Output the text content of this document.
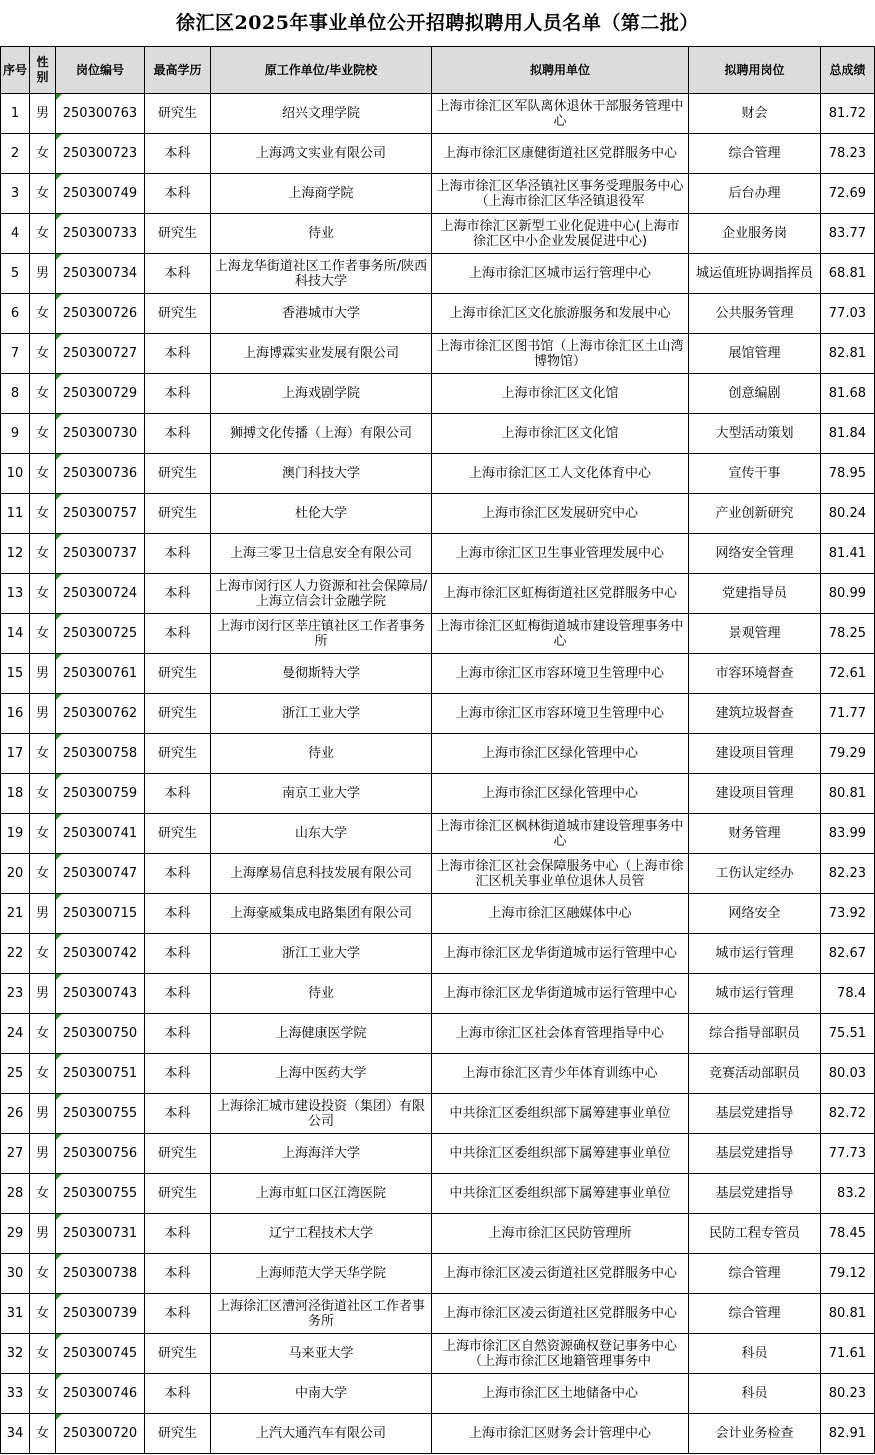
徐汇区2025年事业单位公开招聘拟聘用人员名单（第二批）
序号	性别	岗位编号	最高学历	原工作单位/毕业院校	拟聘用单位	拟聘用岗位	总成绩
1	男	250300763	研究生	绍兴文理学院	上海市徐汇区军队离休退休干部服务管理中心	财会	81.72
2	女	250300723	本科	上海鸿文实业有限公司	上海市徐汇区康健街道社区党群服务中心	综合管理	78.23
3	女	250300749	本科	上海商学院	上海市徐汇区华泾镇社区事务受理服务中心（上海市徐汇区华泾镇退役军	后台办理	72.69
4	女	250300733	研究生	待业	上海市徐汇区新型工业化促进中心(上海市徐汇区中小企业发展促进中心)	企业服务岗	83.77
5	男	250300734	本科	上海龙华街道社区工作者事务所/陕西科技大学	上海市徐汇区城市运行管理中心	城运值班协调指挥员	68.81
6	女	250300726	研究生	香港城市大学	上海市徐汇区文化旅游服务和发展中心	公共服务管理	77.03
7	女	250300727	本科	上海博霖实业发展有限公司	上海市徐汇区图书馆（上海市徐汇区土山湾博物馆）	展馆管理	82.81
8	女	250300729	本科	上海戏剧学院	上海市徐汇区文化馆	创意编剧	81.68
9	女	250300730	本科	狮搏文化传播（上海）有限公司	上海市徐汇区文化馆	大型活动策划	81.84
10	女	250300736	研究生	澳门科技大学	上海市徐汇区工人文化体育中心	宣传干事	78.95
11	女	250300757	研究生	杜伦大学	上海市徐汇区发展研究中心	产业创新研究	80.24
12	女	250300737	本科	上海三零卫士信息安全有限公司	上海市徐汇区卫生事业管理发展中心	网络安全管理	81.41
13	女	250300724	本科	上海市闵行区人力资源和社会保障局/上海立信会计金融学院	上海市徐汇区虹梅街道社区党群服务中心	党建指导员	80.99
14	女	250300725	本科	上海市闵行区莘庄镇社区工作者事务所	上海市徐汇区虹梅街道城市建设管理事务中心	景观管理	78.25
15	男	250300761	研究生	曼彻斯特大学	上海市徐汇区市容环境卫生管理中心	市容环境督查	72.61
16	男	250300762	研究生	浙江工业大学	上海市徐汇区市容环境卫生管理中心	建筑垃圾督查	71.77
17	女	250300758	研究生	待业	上海市徐汇区绿化管理中心	建设项目管理	79.29
18	女	250300759	本科	南京工业大学	上海市徐汇区绿化管理中心	建设项目管理	80.81
19	女	250300741	研究生	山东大学	上海市徐汇区枫林街道城市建设管理事务中心	财务管理	83.99
20	女	250300747	本科	上海摩易信息科技发展有限公司	上海市徐汇区社会保障服务中心（上海市徐汇区机关事业单位退休人员管	工伤认定经办	82.23
21	男	250300715	本科	上海豪威集成电路集团有限公司	上海市徐汇区融媒体中心	网络安全	73.92
22	女	250300742	本科	浙江工业大学	上海市徐汇区龙华街道城市运行管理中心	城市运行管理	82.67
23	男	250300743	本科	待业	上海市徐汇区龙华街道城市运行管理中心	城市运行管理	78.4
24	女	250300750	本科	上海健康医学院	上海市徐汇区社会体育管理指导中心	综合指导部职员	75.51
25	女	250300751	本科	上海中医药大学	上海市徐汇区青少年体育训练中心	竞赛活动部职员	80.03
26	男	250300755	本科	上海徐汇城市建设投资（集团）有限公司	中共徐汇区委组织部下属筹建事业单位	基层党建指导	82.72
27	男	250300756	研究生	上海海洋大学	中共徐汇区委组织部下属筹建事业单位	基层党建指导	77.73
28	女	250300755	研究生	上海市虹口区江湾医院	中共徐汇区委组织部下属筹建事业单位	基层党建指导	83.2
29	男	250300731	本科	辽宁工程技术大学	上海市徐汇区民防管理所	民防工程专管员	78.45
30	女	250300738	本科	上海师范大学天华学院	上海市徐汇区凌云街道社区党群服务中心	综合管理	79.12
31	女	250300739	本科	上海徐汇区漕河泾街道社区工作者事务所	上海市徐汇区凌云街道社区党群服务中心	综合管理	80.81
32	女	250300745	研究生	马来亚大学	上海市徐汇区自然资源确权登记事务中心（上海市徐汇区地籍管理事务中	科员	71.61
33	女	250300746	本科	中南大学	上海市徐汇区土地储备中心	科员	80.23
34	女	250300720	研究生	上汽大通汽车有限公司	上海市徐汇区财务会计管理中心	会计业务检查	82.91
